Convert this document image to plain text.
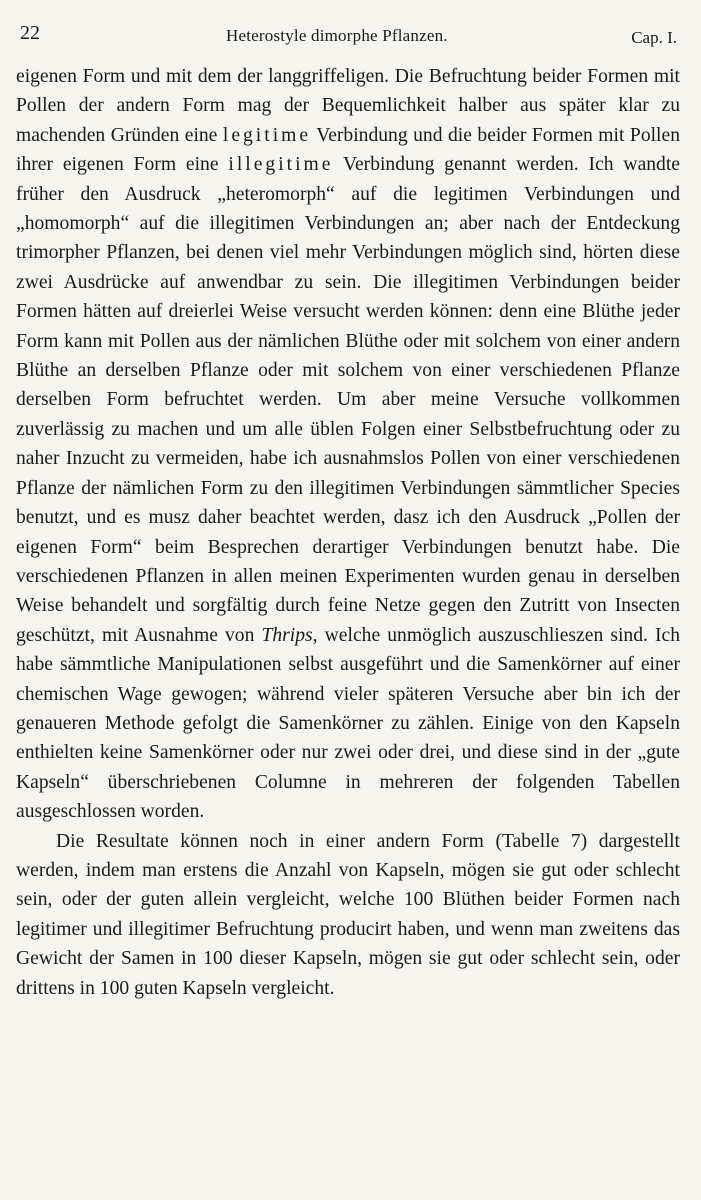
22	Heterostyle dimorphe Pflanzen.	Cap. I.

eigenen Form und mit dem der langgriffeligen. Die Befruchtung beider Formen mit Pollen der andern Form mag der Bequemlichkeit halber aus später klar zu machenden Gründen eine legitime Verbindung und die beider Formen mit Pollen ihrer eigenen Form eine illegitime Verbindung genannt werden. Ich wandte früher den Ausdruck „heteromorph“ auf die legitimen Verbindungen und „homomorph“ auf die illegitimen Verbindungen an; aber nach der Entdeckung trimorpher Pflanzen, bei denen viel mehr Verbindungen möglich sind, hörten diese zwei Ausdrücke auf anwendbar zu sein. Die illegitimen Verbindungen beider Formen hätten auf dreierlei Weise versucht werden können: denn eine Blüthe jeder Form kann mit Pollen aus der nämlichen Blüthe oder mit solchem von einer andern Blüthe an derselben Pflanze oder mit solchem von einer verschiedenen Pflanze derselben Form befruchtet werden. Um aber meine Versuche vollkommen zuverlässig zu machen und um alle üblen Folgen einer Selbstbefruchtung oder zu naher Inzucht zu vermeiden, habe ich ausnahmslos Pollen von einer verschiedenen Pflanze der nämlichen Form zu den illegitimen Verbindungen sämmtlicher Species benutzt, und es musz daher beachtet werden, dasz ich den Ausdruck „Pollen der eigenen Form“ beim Besprechen derartiger Verbindungen benutzt habe. Die verschiedenen Pflanzen in allen meinen Experimenten wurden genau in derselben Weise behandelt und sorgfältig durch feine Netze gegen den Zutritt von Insecten geschützt, mit Ausnahme von Thrips, welche unmöglich auszuschlieszen sind. Ich habe sämmtliche Manipulationen selbst ausgeführt und die Samenkörner auf einer chemischen Wage gewogen; während vieler späteren Versuche aber bin ich der genaueren Methode gefolgt die Samenkörner zu zählen. Einige von den Kapseln enthielten keine Samenkörner oder nur zwei oder drei, und diese sind in der „gute Kapseln“ überschriebenen Columne in mehreren der folgenden Tabellen ausgeschlossen worden.

Die Resultate können noch in einer andern Form (Tabelle 7) dargestellt werden, indem man erstens die Anzahl von Kapseln, mögen sie gut oder schlecht sein, oder der guten allein vergleicht, welche 100 Blüthen beider Formen nach legitimer und illegitimer Befruchtung producirt haben, und wenn man zweitens das Gewicht der Samen in 100 dieser Kapseln, mögen sie gut oder schlecht sein, oder drittens in 100 guten Kapseln vergleicht.
